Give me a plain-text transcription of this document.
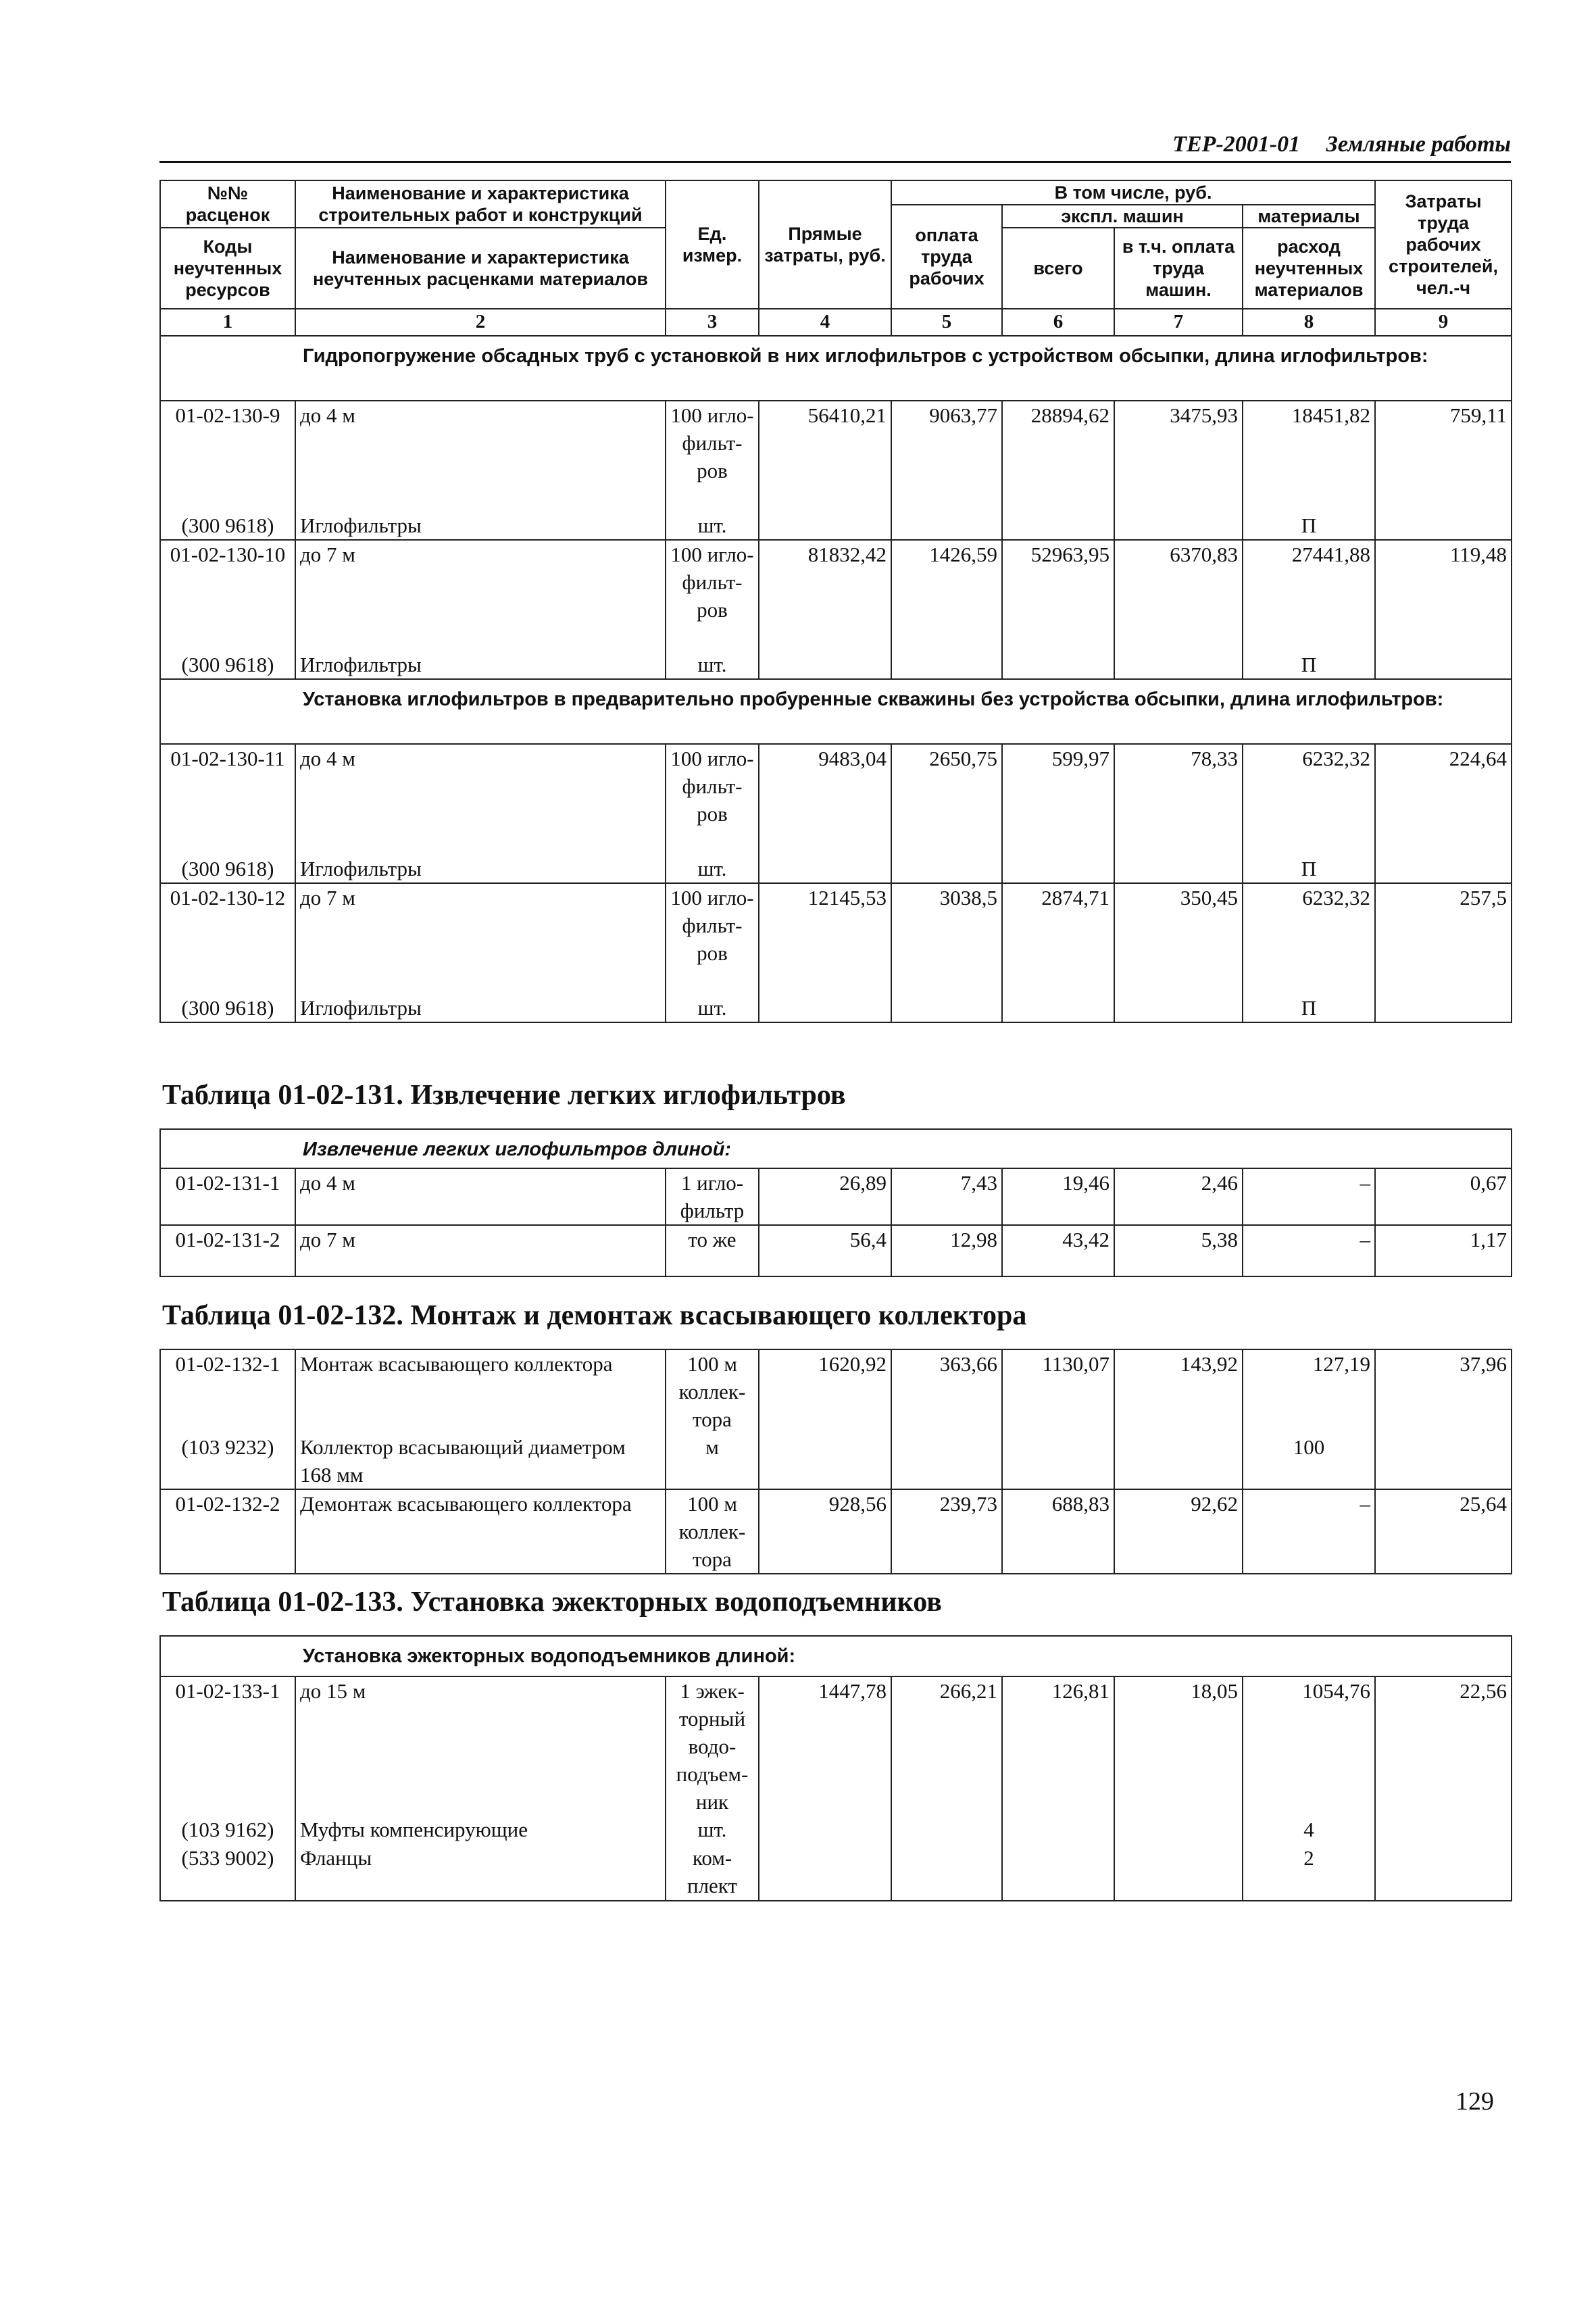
ТЕР-2001-01 Земляные работы
№№ расценок	Наименование и характеристика строительных работ и конструкций	Ед. измер.	Прямые затраты, руб.	В том числе, руб.				Затраты труда рабочих строителей, чел.-ч
				оплата труда рабочих	экспл. машин		материалы	
Коды неучтенных ресурсов	Наименование и характеристика неучтенных расценками материалов				всего	в т.ч. оплата труда машин.	расход неучтенных материалов	

1	2	3	4	5	6	7	8	9
Гидропогружение обсадных труб с установкой в них иглофильтров с устройством обсыпки, длина иглофильтров:								
01-02-130-9	до 4 м	100 игло-фильт-ров	56410,21	9063,77	28894,62	3475,93	18451,82	759,11
(300 9618)	Иглофильтры	шт.					П	
01-02-130-10	до 7 м	100 игло-фильт-ров	81832,42	1426,59	52963,95	6370,83	27441,88	119,48
(300 9618)	Иглофильтры	шт.					П	
Установка иглофильтров в предварительно пробуренные скважины без устройства обсыпки, длина иглофильтров:								
01-02-130-11	до 4 м	100 игло-фильт-ров	9483,04	2650,75	599,97	78,33	6232,32	224,64
(300 9618)	Иглофильтры	шт.					П	
01-02-130-12	до 7 м	100 игло-фильт-ров	12145,53	3038,5	2874,71	350,45	6232,32	257,5
(300 9618)	Иглофильтры	шт.					П	
Таблица 01-02-131. Извлечение легких иглофильтров
Извлечение легких иглофильтров длиной:								
01-02-131-1	до 4 м	1 игло-фильтр	26,89	7,43	19,46	2,46	–	0,67
01-02-131-2	до 7 м	то же	56,4	12,98	43,42	5,38	–	1,17
Таблица 01-02-132. Монтаж и демонтаж всасывающего коллектора
01-02-132-1	Монтаж всасывающего коллектора	100 м коллек-тора	1620,92	363,66	1130,07	143,92	127,19	37,96
(103 9232)	Коллектор всасывающий диаметром 168 мм	м					100	
01-02-132-2	Демонтаж всасывающего коллектора	100 м коллек-тора	928,56	239,73	688,83	92,62	–	25,64
Таблица 01-02-133. Установка эжекторных водоподъемников
Установка эжекторных водоподъемников длиной:								
01-02-133-1	до 15 м	1 эжек-торный водо-подъем-ник	1447,78	266,21	126,81	18,05	1054,76	22,56
(103 9162)	Муфты компенсирующие	шт.					4	
(533 9002)	Фланцы	ком-плект					2	
129
